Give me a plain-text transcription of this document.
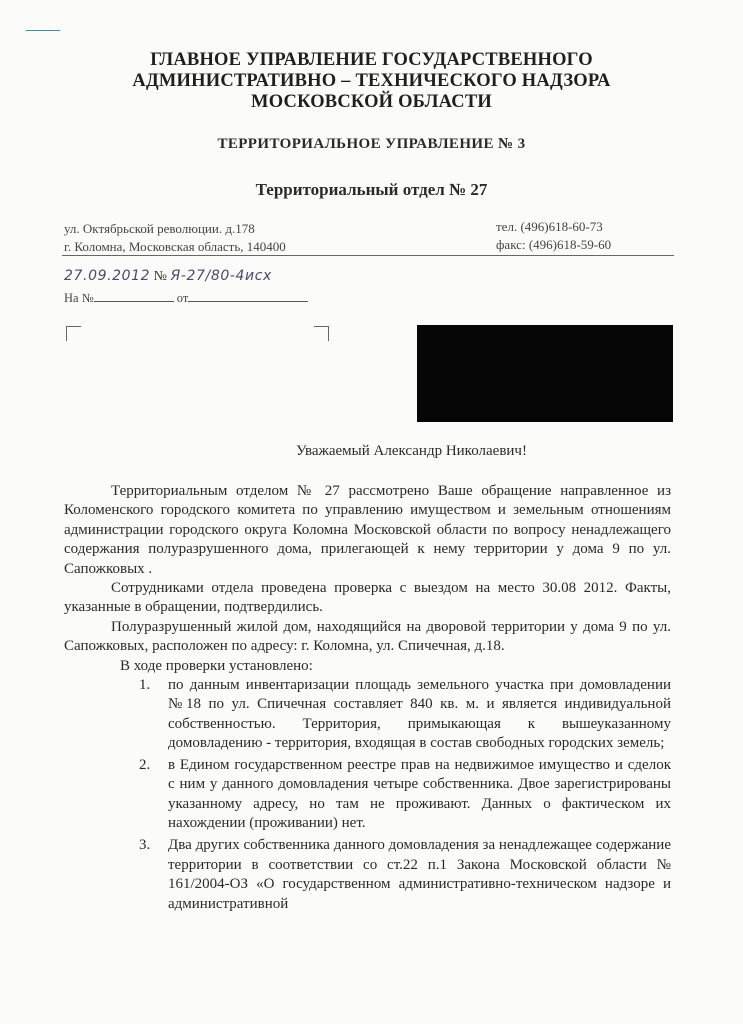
ГЛАВНОЕ УПРАВЛЕНИЕ ГОСУДАРСТВЕННОГО
АДМИНИСТРАТИВНО – ТЕХНИЧЕСКОГО НАДЗОРА
МОСКОВСКОЙ ОБЛАСТИ
ТЕРРИТОРИАЛЬНОЕ УПРАВЛЕНИЕ № 3
Территориальный отдел № 27
ул. Октябрьской революции. д.178
г. Коломна, Московская область, 140400
тел. (496)618-60-73
факс: (496)618-59-60
27.09.2012 № Я-27/80-4исх
На №	от
Уважаемый Александр Николаевич!

Территориальным отделом № 27 рассмотрено Ваше обращение направленное из Коломенского городского комитета по управлению имуществом и земельным отношениям администрации городского округа Коломна Московской области по вопросу ненадлежащего содержания полуразрушенного дома, прилегающей к нему территории у дома 9 по ул. Сапожковых .

Сотрудниками отдела проведена проверка с выездом на место 30.08 2012. Факты, указанные в обращении, подтвердились.

Полуразрушенный жилой дом, находящийся на дворовой территории у дома 9 по ул. Сапожковых, расположен по адресу: г. Коломна, ул. Спичечная, д.18.

В ходе проверки установлено:

1. по данным инвентаризации площадь земельного участка при домовладении №18 по ул. Спичечная составляет 840 кв. м. и является индивидуальной собственностью. Территория, примыкающая к вышеуказанному домовладению - территория, входящая в состав свободных городских земель;
2. в Едином государственном реестре прав на недвижимое имущество и сделок с ним у данного домовладения четыре собственника. Двое зарегистрированы указанному адресу, но там не проживают. Данных о фактическом их нахождении (проживании) нет.
3. Два других собственника данного домовладения за ненадлежащее содержание территории в соответствии со ст.22 п.1 Закона Московской области № 161/2004-ОЗ «О государственном административно-техническом надзоре и административной
